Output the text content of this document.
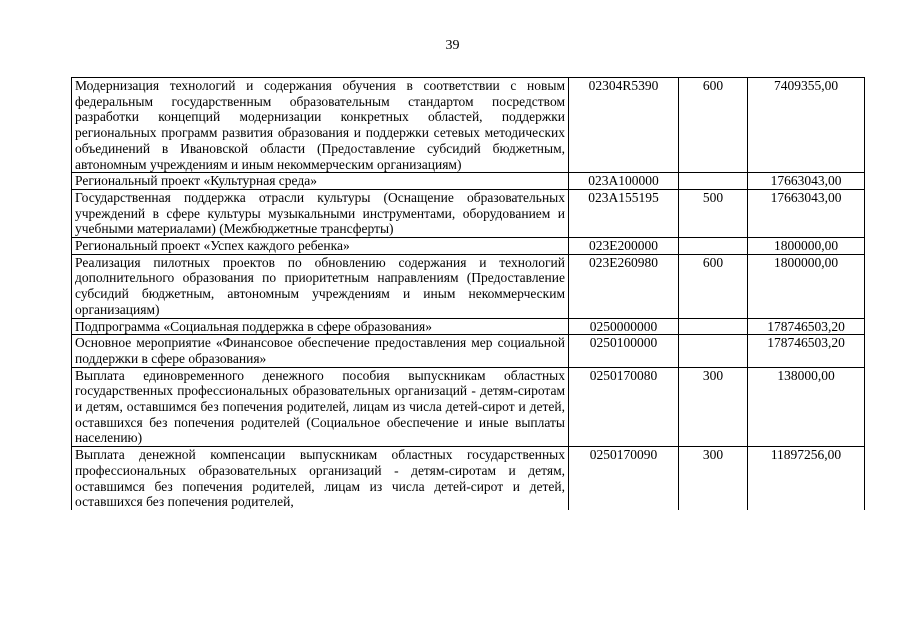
39
Модернизация технологий и содержания обучения в соответствии с новым федеральным государственным образовательным стандартом посредством разработки концепций модернизации конкретных областей, поддержки региональных программ развития образования и поддержки сетевых методических объединений в Ивановской области (Предоставление субсидий бюджетным, автономным учреждениям и иным некоммерческим организациям)	02304R5390	600	7409355,00
Региональный проект «Культурная среда»	023A100000		17663043,00
Государственная поддержка отрасли культуры (Оснащение образовательных учреждений в сфере культуры музыкальными инструментами, оборудованием и учебными материалами) (Межбюджетные трансферты)	023A155195	500	17663043,00
Региональный проект «Успех каждого ребенка»	023E200000		1800000,00
Реализация пилотных проектов по обновлению содержания и технологий дополнительного образования по приоритетным направлениям (Предоставление субсидий бюджетным, автономным учреждениям и иным некоммерческим организациям)	023E260980	600	1800000,00
Подпрограмма «Социальная поддержка в сфере образования»	0250000000		178746503,20
Основное мероприятие «Финансовое обеспечение предоставления мер социальной поддержки в сфере образования»	0250100000		178746503,20
Выплата единовременного денежного пособия выпускникам областных государственных профессиональных образовательных организаций - детям-сиротам и детям, оставшимся без попечения родителей, лицам из числа детей-сирот и детей, оставшихся без попечения родителей (Социальное обеспечение и иные выплаты населению)	0250170080	300	138000,00
Выплата денежной компенсации выпускникам областных государственных профессиональных образовательных организаций - детям-сиротам и детям, оставшимся без попечения родителей, лицам из числа детей-сирот и детей, оставшихся без попечения родителей,	0250170090	300	11897256,00
